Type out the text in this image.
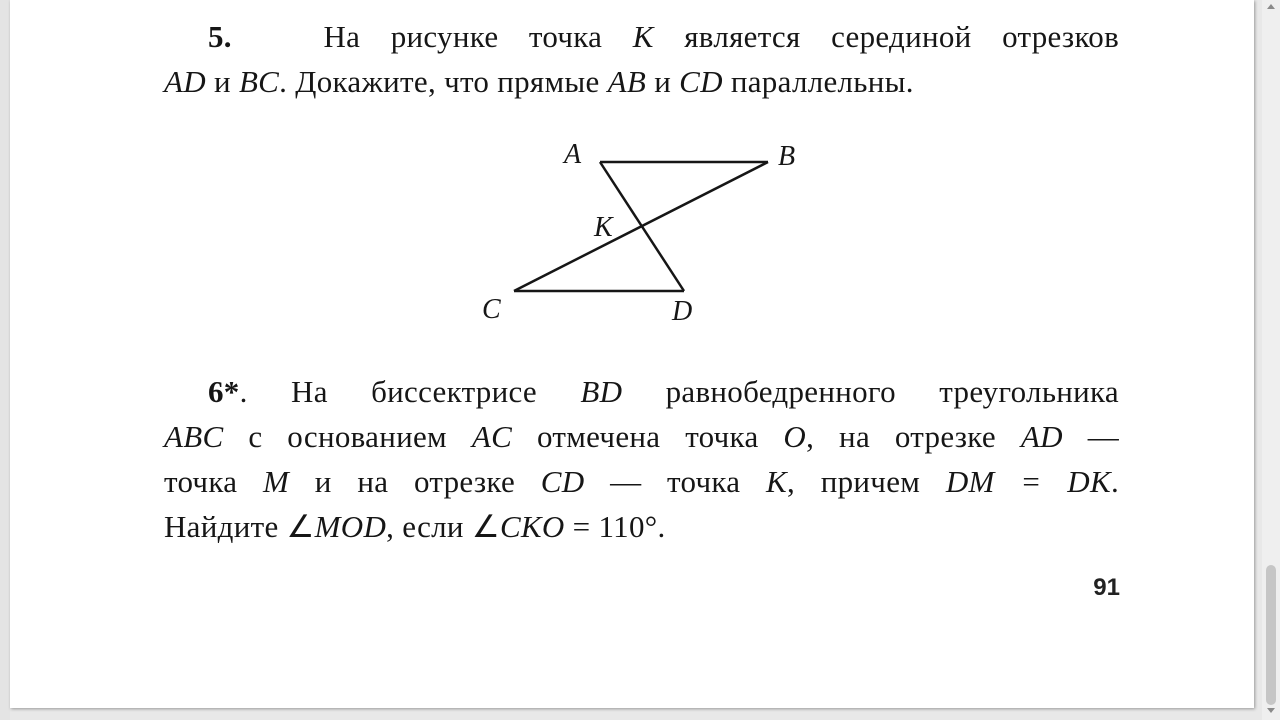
5.	На рисунке точка K является серединой отрезков
AD и BC. Докажите, что прямые AB и CD параллельны.
A	B
K
C	D
6*. На биссектрисе BD равнобедренного треугольника
ABC с основанием AC отмечена точка O, на отрезке AD —
точка M и на отрезке CD — точка K, причем DM = DK.
Найдите ∠MOD, если ∠CKO = 110°.
91
